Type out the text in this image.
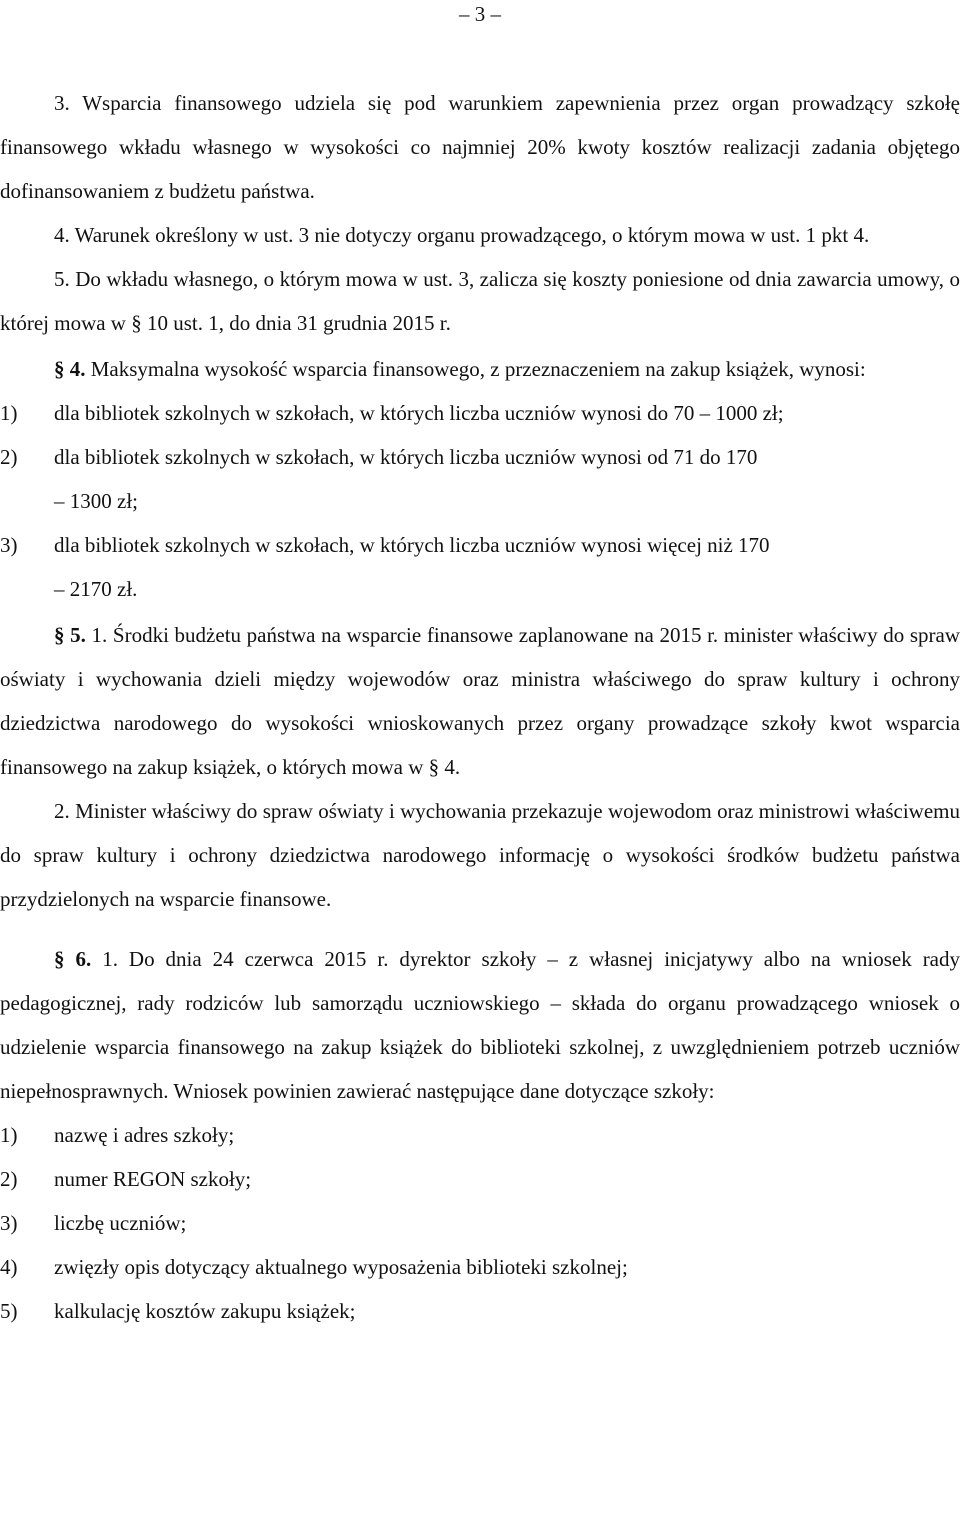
– 3 –

3. Wsparcia finansowego udziela się pod warunkiem zapewnienia przez organ prowadzący szkołę finansowego wkładu własnego w wysokości co najmniej 20% kwoty kosztów realizacji zadania objętego dofinansowaniem z budżetu państwa.

4. Warunek określony w ust. 3 nie dotyczy organu prowadzącego, o którym mowa w ust. 1 pkt 4.

5. Do wkładu własnego, o którym mowa w ust. 3, zalicza się koszty poniesione od dnia zawarcia umowy, o której mowa w § 10 ust. 1, do dnia 31 grudnia 2015 r.

§ 4. Maksymalna wysokość wsparcia finansowego, z przeznaczeniem na zakup książek, wynosi:

1)	dla bibliotek szkolnych w szkołach, w których liczba uczniów wynosi do 70 – 1000 zł;
2)	dla bibliotek szkolnych w szkołach, w których liczba uczniów wynosi od 71 do 170
– 1300 zł;
3)	dla bibliotek szkolnych w szkołach, w których liczba uczniów wynosi więcej niż 170
– 2170 zł.

§ 5. 1. Środki budżetu państwa na wsparcie finansowe zaplanowane na 2015 r. minister właściwy do spraw oświaty i wychowania dzieli między wojewodów oraz ministra właściwego do spraw kultury i ochrony dziedzictwa narodowego do wysokości wnioskowanych przez organy prowadzące szkoły kwot wsparcia finansowego na zakup książek, o których mowa w § 4.

2. Minister właściwy do spraw oświaty i wychowania przekazuje wojewodom oraz ministrowi właściwemu do spraw kultury i ochrony dziedzictwa narodowego informację o wysokości środków budżetu państwa przydzielonych na wsparcie finansowe.

§ 6. 1. Do dnia 24 czerwca 2015 r. dyrektor szkoły – z własnej inicjatywy albo na wniosek rady pedagogicznej, rady rodziców lub samorządu uczniowskiego – składa do organu prowadzącego wniosek o udzielenie wsparcia finansowego na zakup książek do biblioteki szkolnej, z uwzględnieniem potrzeb uczniów niepełnosprawnych. Wniosek powinien zawierać następujące dane dotyczące szkoły:

1)	nazwę i adres szkoły;
2)	numer REGON szkoły;
3)	liczbę uczniów;
4)	zwięzły opis dotyczący aktualnego wyposażenia biblioteki szkolnej;
5)	kalkulację kosztów zakupu książek;
